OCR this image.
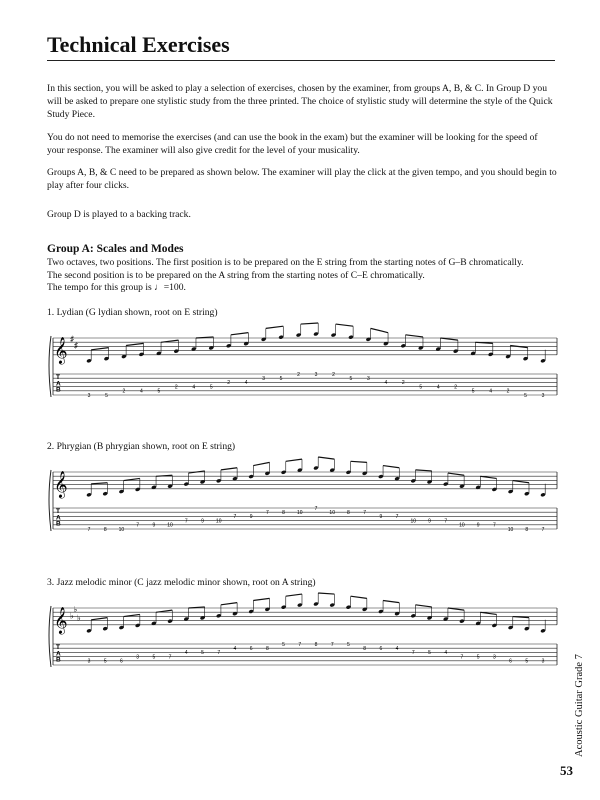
Technical Exercises

In this section, you will be asked to play a selection of exercises, chosen by the examiner, from groups A, B, & C. In Group D you will be asked to prepare one stylistic study from the three printed. The choice of stylistic study will determine the style of the Quick Study Piece.

You do not need to memorise the exercises (and can use the book in the exam) but the examiner will be looking for the speed of your response. The examiner will also give credit for the level of your musicality.

Groups A, B, & C need to be prepared as shown below. The examiner will play the click at the given tempo, and you should begin to play after four clicks.

Group D is played to a backing track.

Group A: Scales and Modes

Two octaves, two positions. The first position is to be prepared on the E string from the starting notes of G–B chromatically.

The second position is to be prepared on the A string from the starting notes of C–E chromatically.

The tempo for this group is ♩=100.

1. Lydian (G lydian shown, root on E string)
2. Phrygian (B phrygian shown, root on E string)
3. Jazz melodic minor (C jazz melodic minor shown, root on A string)
𝄞 ♯
♯
T
A
B
3	5
2	4	5
2	4	5
2	4
3	5
2	3	2
5	3
4	2
5	4	2
5	4	2
5	3
𝄞
T
A
B
7	8 10
7	9 10
7	9 10
7	9
7	8 10
7
10 8	7
9	7
10 9	7
10 9	7
10 8	7
𝄞 ♭
♭
♭
T
A
B	3	5	6
3	5	7
4	5	7
4	6	8
5	7	8	7	5
8	6	4
7	5	4
7	5	3
6	5	3	Acoustic Guitar Grade 7
53
